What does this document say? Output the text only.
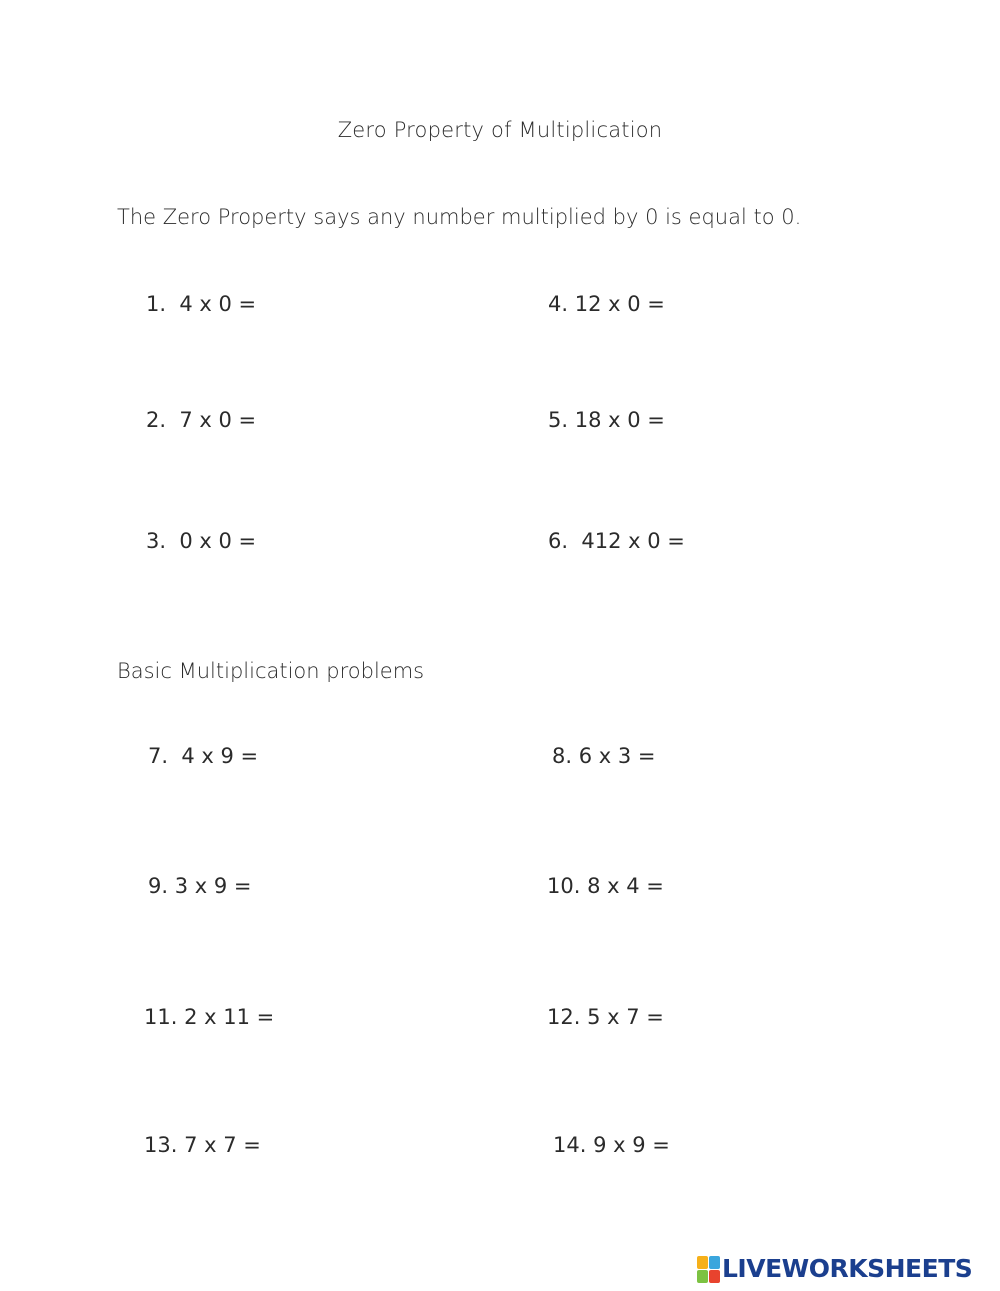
Zero Property of Multiplication
The Zero Property says any number multiplied by 0 is equal to 0.
1.  4 x 0 =
2.  7 x 0 =
3.  0 x 0 =
4. 12 x 0 =
5. 18 x 0 =
6.  412 x 0 =
Basic Multiplication problems
7.  4 x 9 =	8. 6 x 3 =
9. 3 x 9 =	10. 8 x 4 =
11. 2 x 11 =	12. 5 x 7 =
13. 7 x 7 =	14. 9 x 9 =
LIVEWORKSHEETS
